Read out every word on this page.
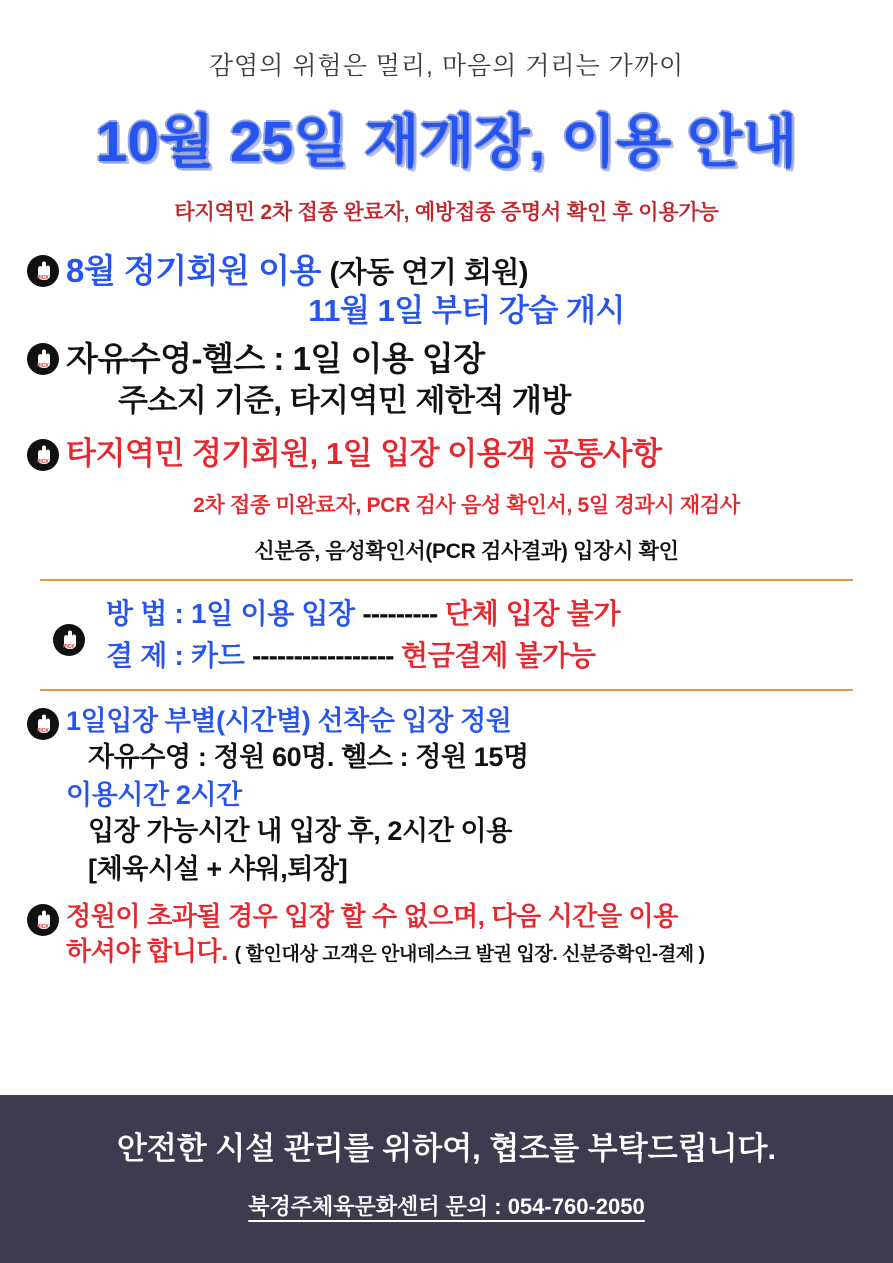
감염의 위험은 멀리, 마음의 거리는 가까이
10월 25일 재개장, 이용 안내
타지역민 2차 접종 완료자, 예방접종 증명서 확인 후 이용가능
PICK 8월 정기회원 이용 (자동 연기 회원)
11월 1일 부터 강습 개시
PICK 자유수영-헬스 : 1일 이용 입장
주소지 기준, 타지역민 제한적 개방
PICK 타지역민 정기회원, 1일 입장 이용객 공통사항
2차 접종 미완료자, PCR 검사 음성 확인서, 5일 경과시 재검사
신분증, 음성확인서(PCR 검사결과) 입장시 확인
PICK
방 법 : 1일 이용 입장 --------- 단체 입장 불가
결 제 : 카드 ----------------- 현금결제 불가능
PICK 1일입장 부별(시간별) 선착순 입장 정원
자유수영 : 정원 60명. 헬스 : 정원 15명
이용시간 2시간
입장 가능시간 내 입장 후, 2시간 이용
[체육시설 + 샤워,퇴장]
PICK 정원이 초과될 경우 입장 할 수 없으며, 다음 시간을 이용
하셔야 합니다. ( 할인대상 고객은 안내데스크 발권 입장. 신분증확인-결제 )
안전한 시설 관리를 위하여, 협조를 부탁드립니다.
북경주체육문화센터 문의 : 054-760-2050
